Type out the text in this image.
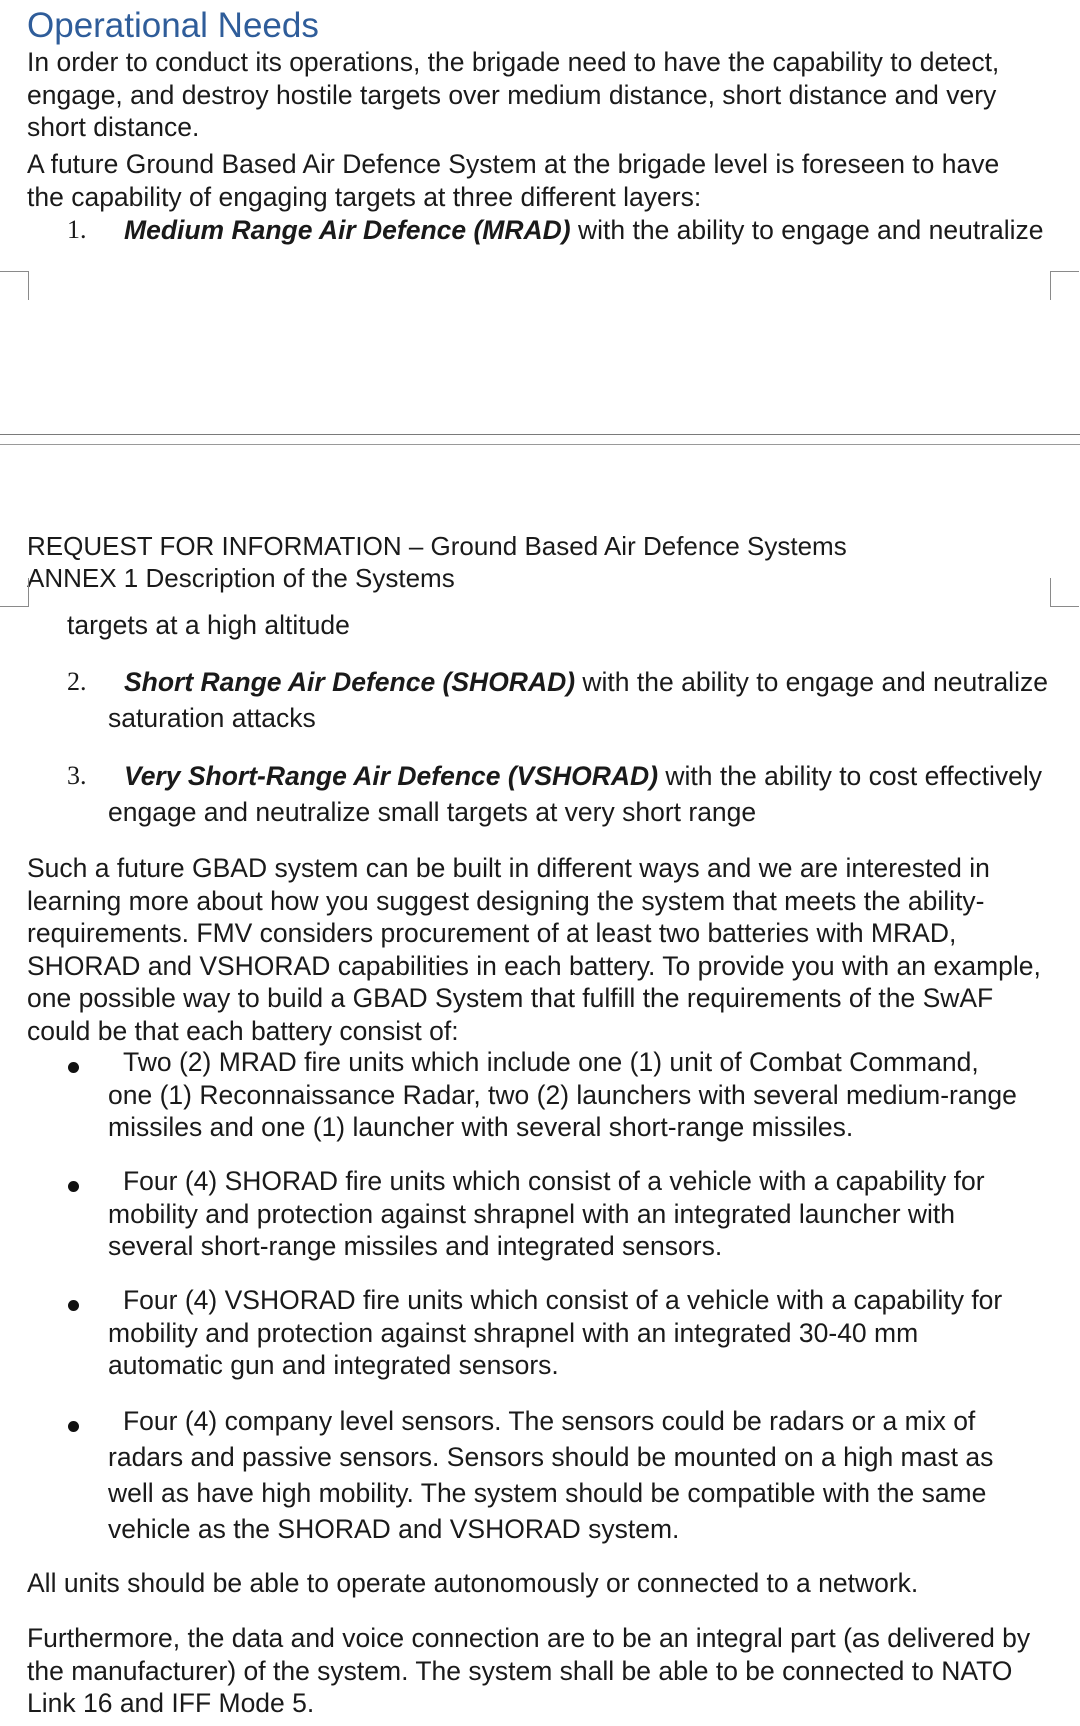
Operational Needs
In order to conduct its operations, the brigade need to have the capability to detect,
engage, and destroy hostile targets over medium distance, short distance and very
short distance.
A future Ground Based Air Defence System at the brigade level is foreseen to have
the capability of engaging targets at three different layers:
1. Medium Range Air Defence (MRAD) with the ability to engage and neutralize
REQUEST FOR INFORMATION – Ground Based Air Defence Systems
ANNEX 1 Description of the Systems
targets at a high altitude
2. Short Range Air Defence (SHORAD) with the ability to engage and neutralize
saturation attacks
3. Very Short-Range Air Defence (VSHORAD) with the ability to cost effectively
engage and neutralize small targets at very short range
Such a future GBAD system can be built in different ways and we are interested in
learning more about how you suggest designing the system that meets the ability-
requirements. FMV considers procurement of at least two batteries with MRAD,
SHORAD and VSHORAD capabilities in each battery. To provide you with an example,
one possible way to build a GBAD System that fulfill the requirements of the SwAF
could be that each battery consist of:
Two (2) MRAD fire units which include one (1) unit of Combat Command,
one (1) Reconnaissance Radar, two (2) launchers with several medium-range
missiles and one (1) launcher with several short-range missiles.
Four (4) SHORAD fire units which consist of a vehicle with a capability for
mobility and protection against shrapnel with an integrated launcher with
several short-range missiles and integrated sensors.
Four (4) VSHORAD fire units which consist of a vehicle with a capability for
mobility and protection against shrapnel with an integrated 30-40 mm
automatic gun and integrated sensors.
Four (4) company level sensors. The sensors could be radars or a mix of
radars and passive sensors. Sensors should be mounted on a high mast as
well as have high mobility. The system should be compatible with the same
vehicle as the SHORAD and VSHORAD system.
All units should be able to operate autonomously or connected to a network.
Furthermore, the data and voice connection are to be an integral part (as delivered by
the manufacturer) of the system. The system shall be able to be connected to NATO
Link 16 and IFF Mode 5.
